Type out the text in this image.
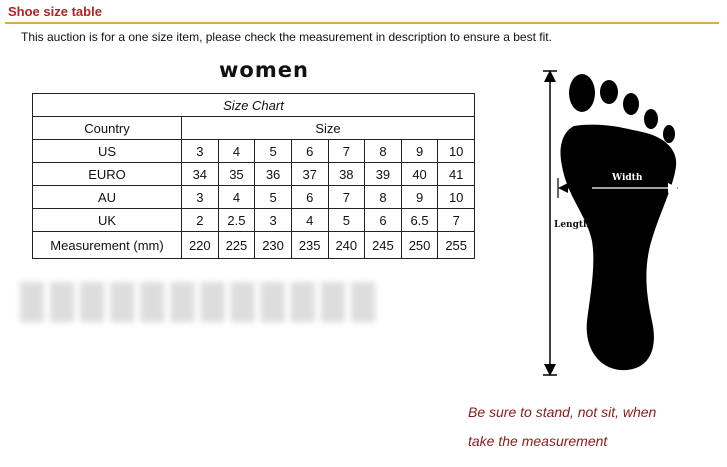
Shoe size table
This auction is for a one size item, please check the measurement in description to ensure a best fit.
women
Size Chart								
Country	Size							
US	3	4	5	6	7	8	9	10
EURO	34	35	36	37	38	39	40	41
AU	3	4	5	6	7	8	9	10
UK	2	2.5	3	4	5	6	6.5	7
Measurement (mm)	220	225	230	235	240	245	250	255
████████████
Width
Length
Be sure to stand, not sit, when
take the measurement
